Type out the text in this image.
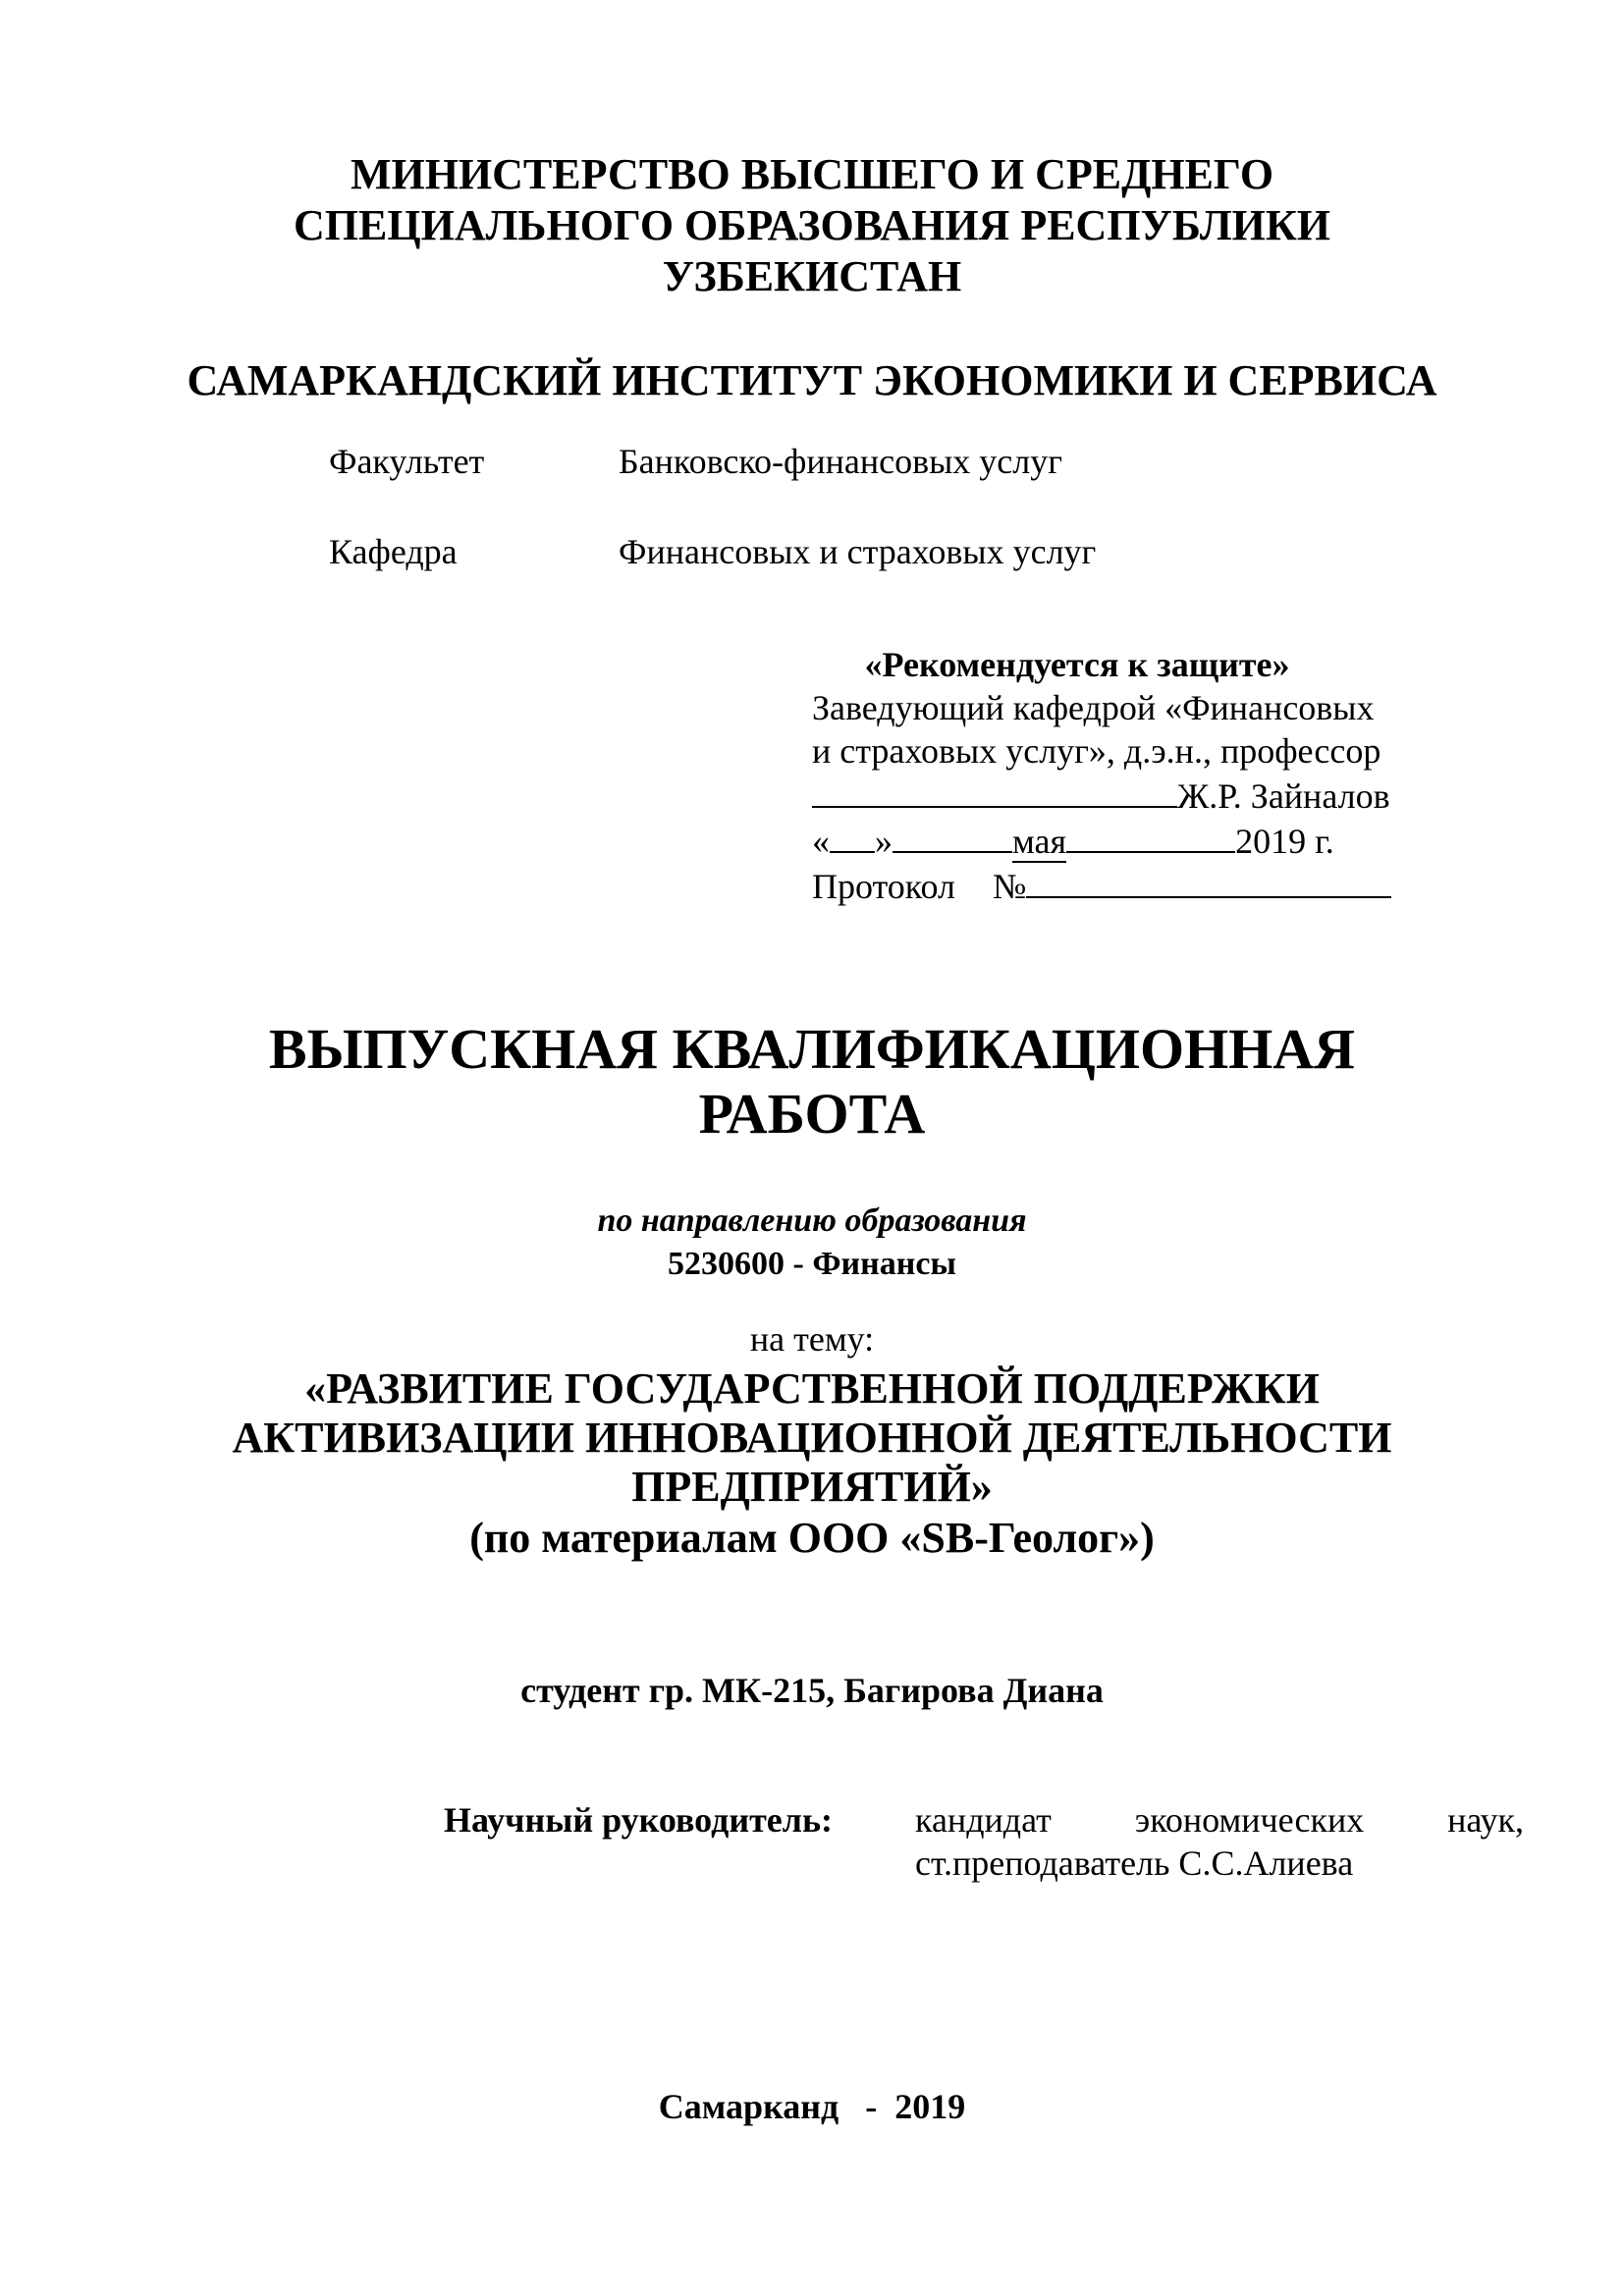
МИНИСТЕРСТВО ВЫСШЕГО И СРЕДНЕГО
СПЕЦИАЛЬНОГО ОБРАЗОВАНИЯ РЕСПУБЛИКИ
УЗБЕКИСТАН
САМАРКАНДСКИЙ ИНСТИТУТ ЭКОНОМИКИ И СЕРВИСА
Факультет	Банковско-финансовых услуг
Кафедра	Финансовых и страховых услуг
«Рекомендуется к защите»
Заведующий кафедрой «Финансовых
и страховых услуг», д.э.н., профессор
Ж.Р. Зайналов
« »	мая	2019 г.
Протокол №
ВЫПУСКНАЯ КВАЛИФИКАЦИОННАЯ
РАБОТА
по направлению образования
5230600 - Финансы
на тему:
«РАЗВИТИЕ ГОСУДАРСТВЕННОЙ ПОДДЕРЖКИ
АКТИВИЗАЦИИ ИННОВАЦИОННОЙ ДЕЯТЕЛЬНОСТИ
ПРЕДПРИЯТИЙ»
(по материалам ООО «SB-Геолог»)
студент гр. МК-215, Багирова Диана
Научный руководитель: кандидат экономических наук,
ст.преподаватель С.С.Алиева
Самарканд   -  2019
